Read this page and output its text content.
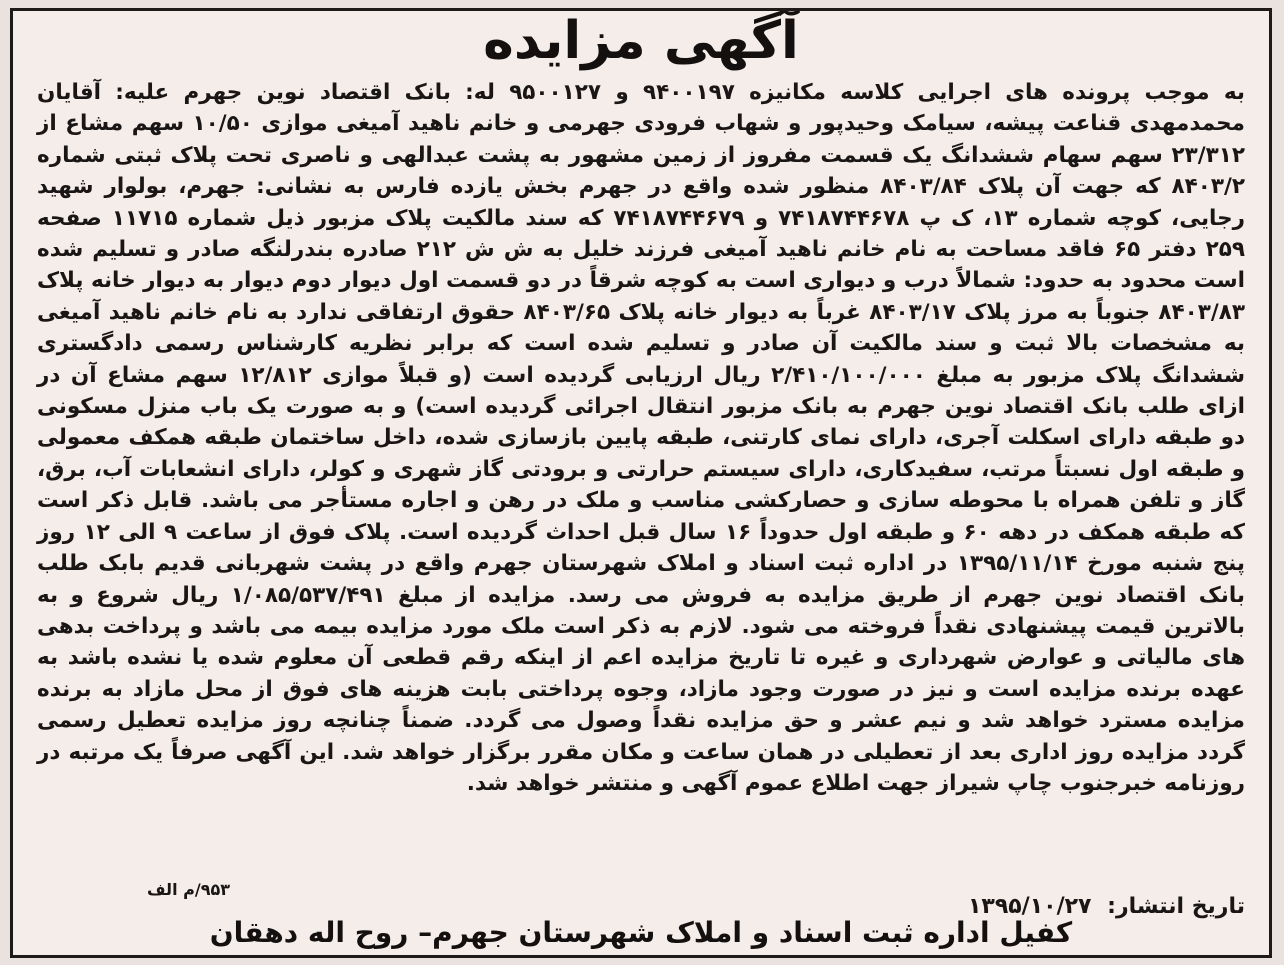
آگهی مزایده

به موجب پرونده های اجرایی کلاسه مکانیزه ۹۴۰۰۱۹۷ و ۹۵۰۰۱۲۷ له: بانک اقتصاد نوین جهرم علیه: آقایان محمدمهدی قناعت پیشه، سیامک وحیدپور و شهاب فرودی جهرمی و خانم ناهید آمیغی موازی ۱۰/۵۰ سهم مشاع از ۲۳/۳۱۲ سهم سهام ششدانگ یک قسمت مفروز از زمین مشهور به پشت عبدالهی و ناصری تحت پلاک ثبتی شماره ۸۴۰۳/۲ که جهت آن پلاک ۸۴۰۳/۸۴ منظور شده واقع در جهرم بخش یازده فارس به نشانی: جهرم، بولوار شهید رجایی، کوچه شماره ۱۳، ک پ ۷۴۱۸۷۴۴۶۷۸ و ۷۴۱۸۷۴۴۶۷۹ که سند مالکیت پلاک مزبور ذیل شماره ۱۱۷۱۵ صفحه ۲۵۹ دفتر ۶۵ فاقد مساحت به نام خانم ناهید آمیغی فرزند خلیل به ش ش ۲۱۲ صادره بندرلنگه صادر و تسلیم شده است محدود به حدود: شمالاً درب و دیواری است به کوچه شرقاً در دو قسمت اول دیوار دوم دیوار به دیوار خانه پلاک ۸۴۰۳/۸۳ جنوباً به مرز پلاک ۸۴۰۳/۱۷ غرباً به دیوار خانه پلاک ۸۴۰۳/۶۵ حقوق ارتفاقی ندارد به نام خانم ناهید آمیغی به مشخصات بالا ثبت و سند مالکیت آن صادر و تسلیم شده است که برابر نظریه کارشناس رسمی دادگستری ششدانگ پلاک مزبور به مبلغ ۲/۴۱۰/۱۰۰/۰۰۰ ریال ارزیابی گردیده است (و قبلاً موازی ۱۲/۸۱۲ سهم مشاع آن در ازای طلب بانک اقتصاد نوین جهرم به بانک مزبور انتقال اجرائی گردیده است) و به صورت یک باب منزل مسکونی دو طبقه دارای اسکلت آجری، دارای نمای کارتنی، طبقه پایین بازسازی شده، داخل ساختمان طبقه همکف معمولی و طبقه اول نسبتاً مرتب، سفیدکاری، دارای سیستم حرارتی و برودتی گاز شهری و کولر، دارای انشعابات آب، برق، گاز و تلفن همراه با محوطه سازی و حصارکشی مناسب و ملک در رهن و اجاره مستأجر می باشد. قابل ذکر است که طبقه همکف در دهه ۶۰ و طبقه اول حدوداً ۱۶ سال قبل احداث گردیده است. پلاک فوق از ساعت ۹ الی ۱۲ روز پنج شنبه مورخ ۱۳۹۵/۱۱/۱۴ در اداره ثبت اسناد و املاک شهرستان جهرم واقع در پشت شهربانی قدیم بابک طلب بانک اقتصاد نوین جهرم از طریق مزایده به فروش می رسد. مزایده از مبلغ ۱/۰۸۵/۵۳۷/۴۹۱ ریال شروع و به بالاترین قیمت پیشنهادی نقداً فروخته می شود. لازم به ذکر است ملک مورد مزایده بیمه می باشد و پرداخت بدهی های مالیاتی و عوارض شهرداری و غیره تا تاریخ مزایده اعم از اینکه رقم قطعی آن معلوم شده یا نشده باشد به عهده برنده مزایده است و نیز در صورت وجود مازاد، وجوه پرداختی بابت هزینه های فوق از محل مازاد به برنده مزایده مسترد خواهد شد و نیم عشر و حق مزایده نقداً وصول می گردد. ضمناً چنانچه روز مزایده تعطیل رسمی گردد مزایده روز اداری بعد از تعطیلی در همان ساعت و مکان مقرر برگزار خواهد شد. این آگهی صرفاً یک مرتبه در روزنامه خبرجنوب چاپ شیراز جهت اطلاع عموم آگهی و منتشر خواهد شد.

تاریخ انتشار: ۱۳۹۵/۱۰/۲۷
۹۵۳/م الف
کفیل اداره ثبت اسناد و املاک شهرستان جهرم– روح اله دهقان
